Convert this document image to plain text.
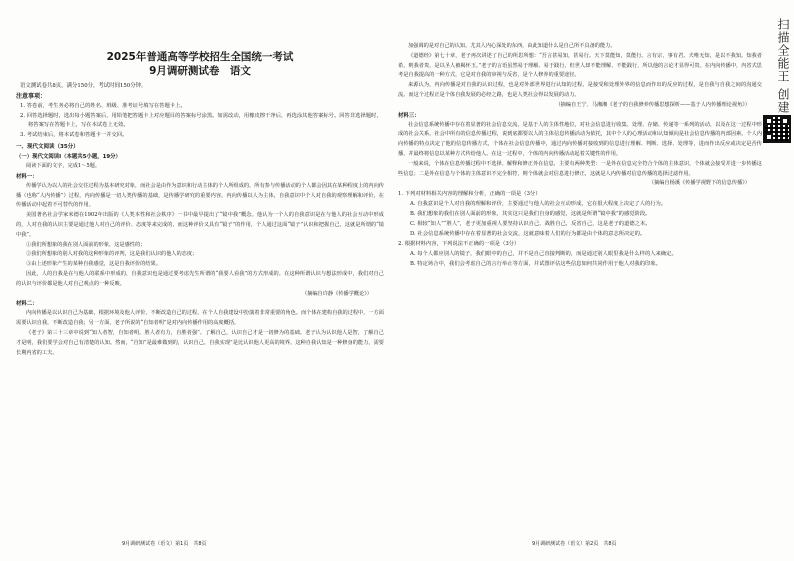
2025年普通高等学校招生全国统一考试
9月调研测试卷　语文
语文测试卷共8页，满分150分，考试时间150分钟。
注意事项：
1. 答卷前，考生务必将自己的姓名、班级、准考证号填写在答题卡上。
2. 回答选择题时，选出每小题答案后，用铅笔把答题卡上对应题目的答案标号涂黑。如需改动，用橡皮擦干净后，再选涂其他答案标号。回答非选择题时，将答案写在答题卡上，写在本试卷上无效。
3. 考试结束后，将本试卷和答题卡一并交回。
一、现代文阅读（35分）
（一）现代文阅读Ⅰ（本题共5小题，19分）
阅读下面的文字，完成1～5题。
材料一：
传播学认为以人的社会交往过程为基本研究对象，而社会是由作为意识和行动主体的个人所组成的，所有参与传播活动的个人都会因其在某种程度上的内向传播（也称“人内传播”）过程，内向传播是一切人类传播的基础，是传播学研究的重要内容。内向传播以人为主体，自我意识中个人对自我的观察理解和评价，在传播活动中起着不可替代的作用。
美国著名社会学家米德在1902年出版的《人类本性和社会秩序》一书中最早提出了“镜中我”概念。他认为一个人的自我意识是在与他人的社会互动中形成的，人对自我的认识主要是通过他人对自己的评价、态度等来完成的，而这种评价又具有“镜子”的作用，个人通过这面“镜子”认识和把握自己，这就是所谓的“镜中我”。
①我们所想象的我在别人面前的形象，这是感性的；
②我们所想象的别人对我的这种形象的评判，这是我们认识的他人的态度；
③由上述形象产生的某种自我感觉，这是自我评价的结果。
因此，人的自我是在与他人的联系中形成的，自我意识也是通过要考虑先生所谓的“我要人看我”的方式形成的。在这种所谓认识与想法形成中，我们对自己的认识与评价都是他人对自己观点的一种反映。
（摘编自许静《传播学概论》）
材料二：
内向传播是以认识自己为基础，根据环境及他人评价，不断改造自己的过程，在个人自我建设中扮演着非常重要的角色。而个体在建构自我的过程中，一方面需要认识自我，不断改造自我；另一方面，老子所说的“自知者明”是对内向传播作用的高度概括。
《老子》第三十三章中说到“知人者智，自知者明。胜人者有力，自胜者强”。了解自己，认识自己才是一切修为的基础。老子认为认识他人是智，了解自己才是明，我们要学会对自己有清楚的认知。然而，“自知”是最难做到的，认识自己，自我实现”是比认识他人更高的境界。这种自我认知是一种修身的能力，需要长期内省的工夫。
加强调的是对自己的认知。尤其人内心深处的东西，由此知道什么是自己所不具备的能力。
《道德经》第七十章，老子再次讲述了自己的所思所想：“吾言甚易知，甚易行。天下莫能知，莫能行。言有宗，事有君。夫唯无知，是以不我知。知我者希，则我者贵，是以圣人被褐怀玉。”老子的言语虽然易于理解、易于践行，但世人却不能理解、不能践行，所以他的言论才显得可贵。在内向传播中，内省式思考是自我提高的一种方式，它是对自我的审视与反省，是个人修养的重要途径。
来源认为，内向传播是对自我的认识过程，也是对外部世界进行认知的过程，是接受和处理外界的信息而作出的反应的过程，是自我与自我之间的沟通交流。而这个过程正是个体自我发展的必经之路，也是人类社会得以发展的动力。
（摘编自王宁、马湘湘《老子的自我修养传播思想探析——基于人内传播理论视角》）
材料三：
社会信息系统传播中存在着显著的社会信息交流，是基于人的主体性地位，对社会信息进行收集、处理、存储、传递等一系列的活动，以及在这一过程中形成的社会关系。社会中所有的信息传播过程，说到底都要以人的主体信息传播活动为依托，其中个人的心理活动和认知倾向是社会信息传播的内部因素。个人内向传播的特点决定了他的信息传播方式，个体在社会信息传播中，通过内向传播对接收到的信息进行理解、判断、选择、处理等，进而作出反应或决定是否传播，并最终将信息以某种方式传给他人。在这一过程中，个体的内向传播活动起着关键性的作用。
一般来说，个体在信息传播过程中不选择、解释和修正外在信息，主要有两种类型：一是外在信息完全符合个体的主体意识，个体就会接受并进一步传播这些信息；二是外在信息与个体的主体意识不完全相符，则个体就会对信息进行修正，这就是人内传播对信息传播的选择过滤作用。
（摘编自杨溪《传播学视野下的信息传播》）
1. 下列对材料相关内容的理解和分析，正确的一项是（3分）
A. 自我意识是个人对自我的理解和评价，主要通过与他人的社会互动形成，它在很大程度上决定了人的行为。
B. 我们想象的我们在别人面前的形象，其实这只是我们自身的感觉，这就是所谓“镜中我”的感觉阶段。
C. 相较“知人”“胜人”，老子更加重视人要坚持认识自己、战胜自己，反省自己，这是老子的道德之本。
D. 社会信息系统传播中存在着显著的社会交流，这就意味着人们的行为都是由个体的意志所决定的。
2. 根据材料内容，下列说法不正确的一项是（3分）
A. 每个人都应别人的镜子，我们眼中的自己，并不是自己直接判断的，而是通过别人眼里我是什么样的人来确定。
B. 特定场合中，我们会考虑自己的言行举止等方面，并试图评估这些信息如何共同作用于他人对我的印象。
9月调研测试卷（语文）第1页　共8页	9月调研测试卷（语文）第2页　共8页
扫描全能王 创建
